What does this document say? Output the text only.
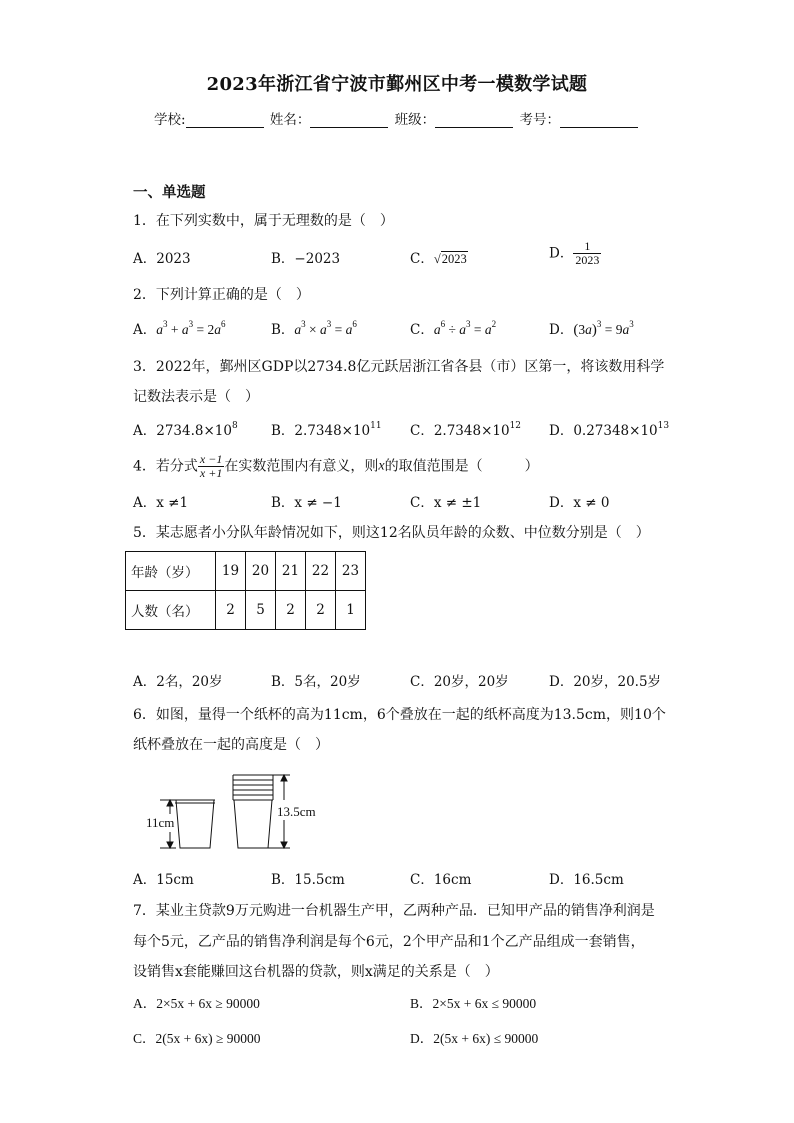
2023年浙江省宁波市鄞州区中考一模数学试题
学校:	姓名：	班级：	考号：
一、单选题
1．在下列实数中，属于无理数的是（　）
A．2023	B．−2023	C．√2023	D． $\frac{1}{2023}$
2．下列计算正确的是（　）
A．$a^3 + a^3 = 2a^6$	B．$a^3 \times a^3 = a^6$	C．$a^6 \div a^3 = a^2$	D．$(3a)^3 = 9a^3$
3．2022年，鄞州区GDP以2734.8亿元跃居浙江省各县（市）区第一，将该数用科学
记数法表示是（　）
A．$2734.8\times 10^8$ B．$2.7348\times 10^{11}$ C．$2.7348\times 10^{12}$ D．$0.27348\times 10^{13}$
4．若分式 $\frac{x -1}{x +1}$ 在实数范围内有意义，则x的取值范围是（　　　）
A．x ≠1	B．x ≠ −1	C．x ≠ ±1	D．x ≠ 0
5．某志愿者小分队年龄情况如下，则这12名队员年龄的众数、中位数分别是（　）
年龄（岁）	19	20	21	22	23
人数（名）	2	5	2	2	1
A．2名，20岁	B．5名，20岁	C．20岁，20岁	D．20岁，20.5岁
6．如图，量得一个纸杯的高为11cm，6个叠放在一起的纸杯高度为13.5cm，则10个
纸杯叠放在一起的高度是（　）
11cm
13.5cm
A．15cm	B．15.5cm	C．16cm	D．16.5cm
7．某业主贷款9万元购进一台机器生产甲，乙两种产品．已知甲产品的销售净利润是
每个5元，乙产品的销售净利润是每个6元，2个甲产品和1个乙产品组成一套销售，
设销售x套能赚回这台机器的贷款，则x满足的关系是（　）
A．2×5x + 6x ≥ 90000	B．2×5x + 6x ≤ 90000
C．2(5x + 6x) ≥ 90000	D．2(5x + 6x) ≤ 90000
